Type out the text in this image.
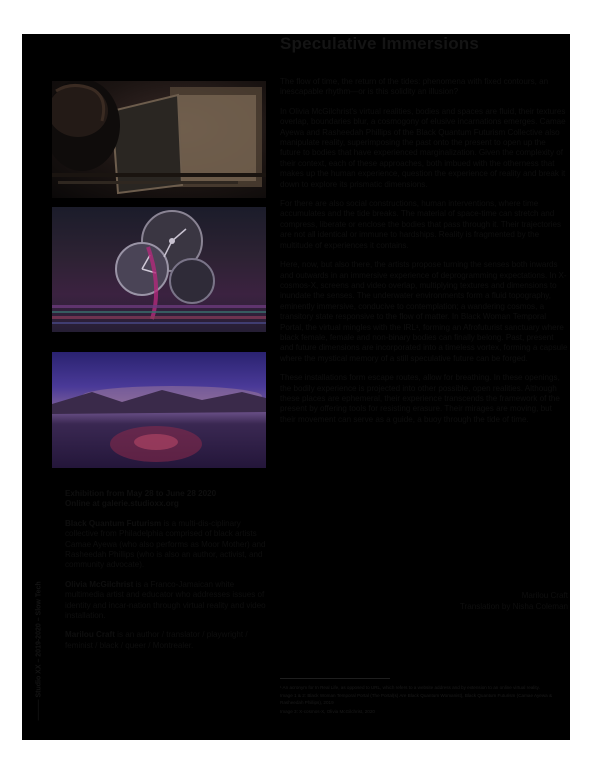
Speculative Immersions

The flow of time, the return of the tides: phenomena with fixed contours, an inescapable rhythm—or is this solidity an illusion?

In Olivia McGilchrist's virtual realities, bodies and spaces are fluid, their textures overlap, boundaries blur, a cosmogony of elusive incarnations emerges. Camae Ayewa and Rasheedah Phillips of the Black Quantum Futurism Collective also manipulate reality, superimposing the past onto the present to open up the future to bodies that have experienced marginalization. Given the complexity of their context, each of these approaches, both imbued with the otherness that makes up the human experience, question the experience of reality and break it down to explore its prismatic dimensions.

For there are also social constructions, human interventions, where time accumulates and the tide breaks. The material of space-time can stretch and compress, liberate or enclose the bodies that pass through it. Their trajectories are not all identical or immune to hardships. Reality is fragmented by the multitude of experiences it contains.

Here, now, but also there, the artists propose turning the senses both inwards and outwards in an immersive experience of deprogramming expectations. In X-cosmos-X, screens and video overlap, multiplying textures and dimensions to inundate the senses. The underwater environments form a fluid topography, eminently immersive, conducive to contemplation; a wandering cosmos, a transitory state responsive to the flow of matter. In Black Woman Temporal Portal, the virtual mingles with the IRL¹, forming an Afrofuturist sanctuary where black female, female and non-binary bodies can finally belong. Past, present and future dimensions are incorporated into a timeless vortex, forming a capsule where the mystical memory of a still speculative future can be forged.

These installations form escape routes, allow for breathing. In these openings, the bodily experience is projected into other possible, open realities. Although these places are ephemeral, their experience transcends the framework of the present by offering tools for resisting erasure. Their mirages are moving, but their movement can serve as a guide, a buoy through the tide of time.

Marilou Craft
Translation by Nisha Coleman

Exhibition from May 28 to June 28 2020
Online at galerie.studioxx.org

Black Quantum Futurism is a multi-dis-ciplinary collective from Philadelphia comprised of black artists Camae Ayewa (who also performs as Moor Mother) and Rasheedah Phillips (who is also an author, activist, and community advocate).

Olivia McGilchrist is a Franco-Jamaican white multimedia artist and educator who addresses issues of identity and incar-nation through virtual reality and video installation.

Marilou Craft is an author / translator / playwright / feminist / black / queer / Montrealer.

——— Studio XX – 2019-2020 – Slow Tech	¹ An acronym for In Real Life, as opposed to URL, which refers to a website address and by extension to an online virtual reality.
Image 1 & 2: Black Woman Temporal Portal (The Portal(s) Are Black Quantum Womanist), Black Quantum Futurism (Camae Ayewa & Rasheedah Phillips), 2019
Image 3: X-cosmos-X, Olivia McGilchrist, 2020
